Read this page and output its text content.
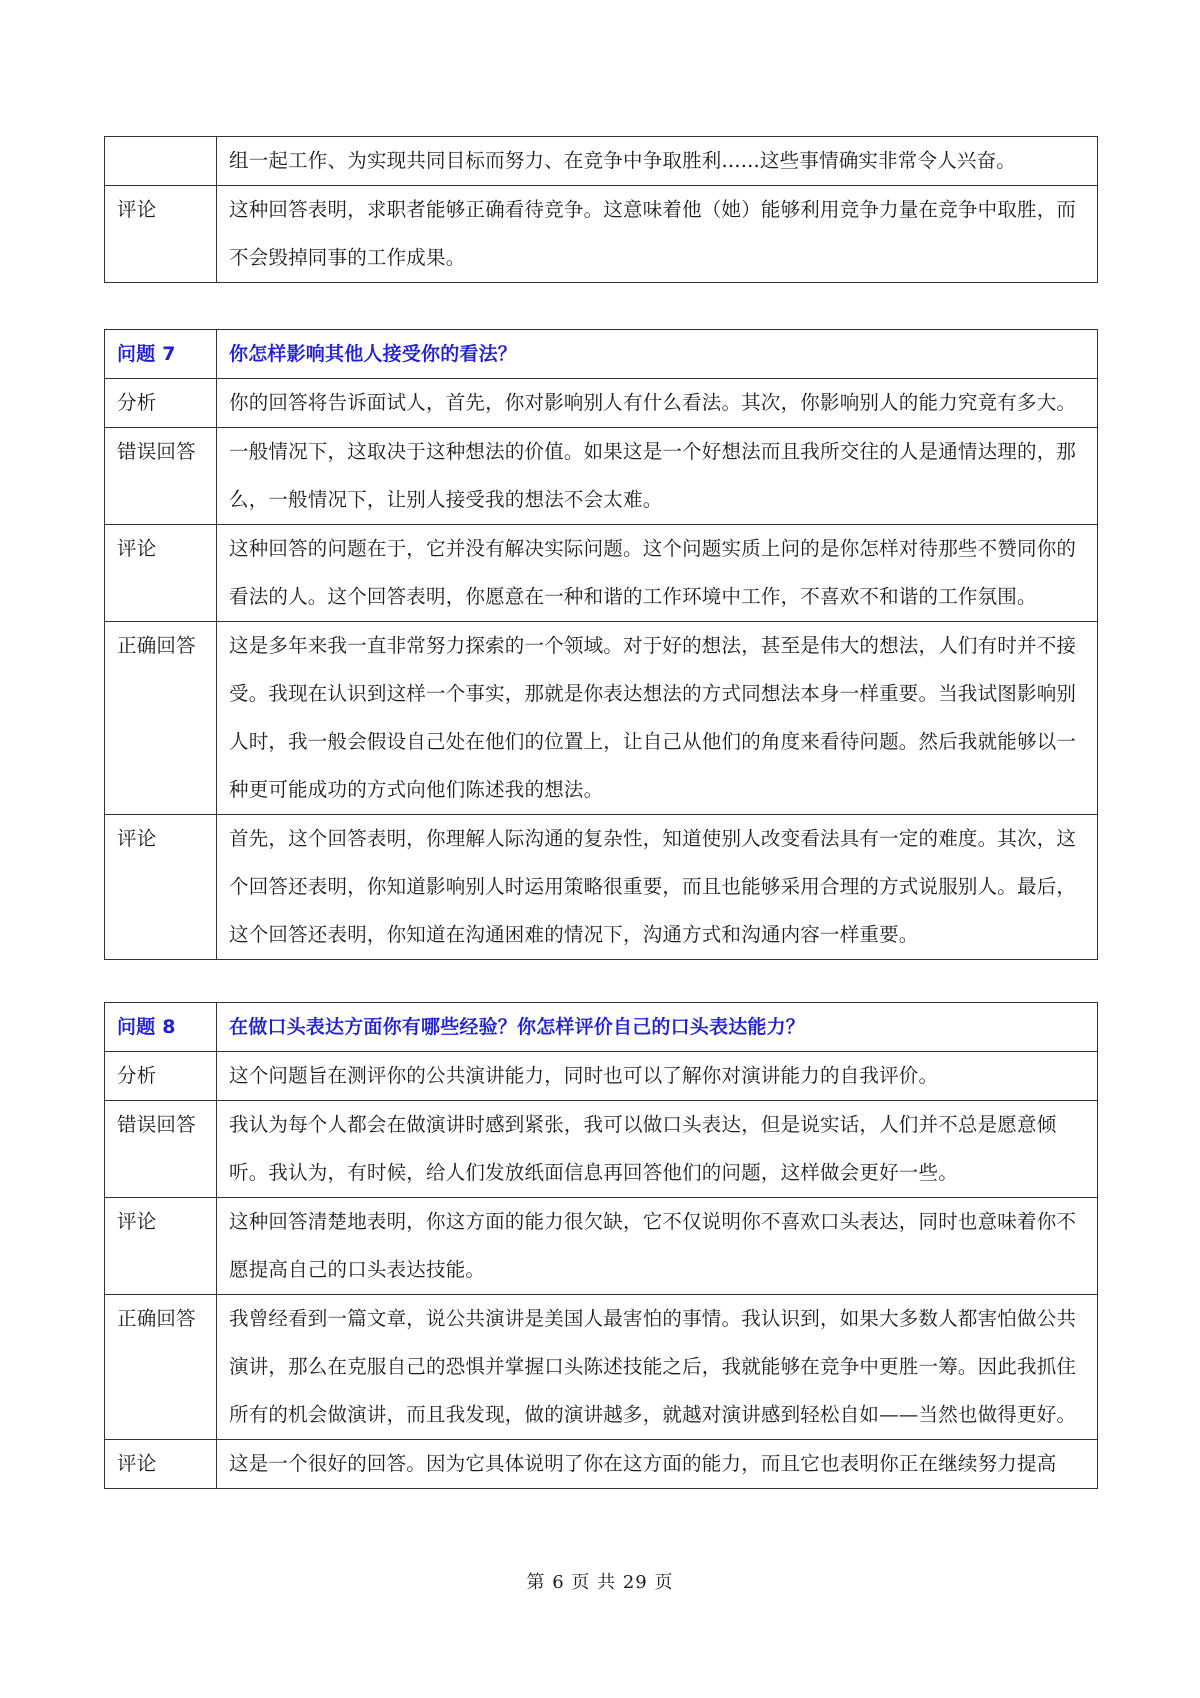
	组一起工作、为实现共同目标而努力、在竞争中争取胜利......这些事情确实非常令人兴奋。
评论	这种回答表明，求职者能够正确看待竞争。这意味着他（她）能够利用竞争力量在竞争中取胜，而不会毁掉同事的工作成果。
问题 7	你怎样影响其他人接受你的看法？
分析	你的回答将告诉面试人，首先，你对影响别人有什么看法。其次，你影响别人的能力究竟有多大。
错误回答	一般情况下，这取决于这种想法的价值。如果这是一个好想法而且我所交往的人是通情达理的，那么，一般情况下，让别人接受我的想法不会太难。
评论	这种回答的问题在于，它并没有解决实际问题。这个问题实质上问的是你怎样对待那些不赞同你的看法的人。这个回答表明，你愿意在一种和谐的工作环境中工作，不喜欢不和谐的工作氛围。
正确回答	这是多年来我一直非常努力探索的一个领域。对于好的想法，甚至是伟大的想法，人们有时并不接受。我现在认识到这样一个事实，那就是你表达想法的方式同想法本身一样重要。当我试图影响别人时，我一般会假设自己处在他们的位置上，让自己从他们的角度来看待问题。然后我就能够以一种更可能成功的方式向他们陈述我的想法。
评论	首先，这个回答表明，你理解人际沟通的复杂性，知道使别人改变看法具有一定的难度。其次，这个回答还表明，你知道影响别人时运用策略很重要，而且也能够采用合理的方式说服别人。最后，这个回答还表明，你知道在沟通困难的情况下，沟通方式和沟通内容一样重要。
问题 8	在做口头表达方面你有哪些经验？你怎样评价自己的口头表达能力？
分析	这个问题旨在测评你的公共演讲能力，同时也可以了解你对演讲能力的自我评价。
错误回答	我认为每个人都会在做演讲时感到紧张，我可以做口头表达，但是说实话，人们并不总是愿意倾听。我认为，有时候，给人们发放纸面信息再回答他们的问题，这样做会更好一些。
评论	这种回答清楚地表明，你这方面的能力很欠缺，它不仅说明你不喜欢口头表达，同时也意味着你不愿提高自己的口头表达技能。
正确回答	我曾经看到一篇文章，说公共演讲是美国人最害怕的事情。我认识到，如果大多数人都害怕做公共演讲，那么在克服自己的恐惧并掌握口头陈述技能之后，我就能够在竞争中更胜一筹。因此我抓住所有的机会做演讲，而且我发现，做的演讲越多，就越对演讲感到轻松自如——当然也做得更好。
评论	这是一个很好的回答。因为它具体说明了你在这方面的能力，而且它也表明你正在继续努力提高
第 6 页 共 29 页
